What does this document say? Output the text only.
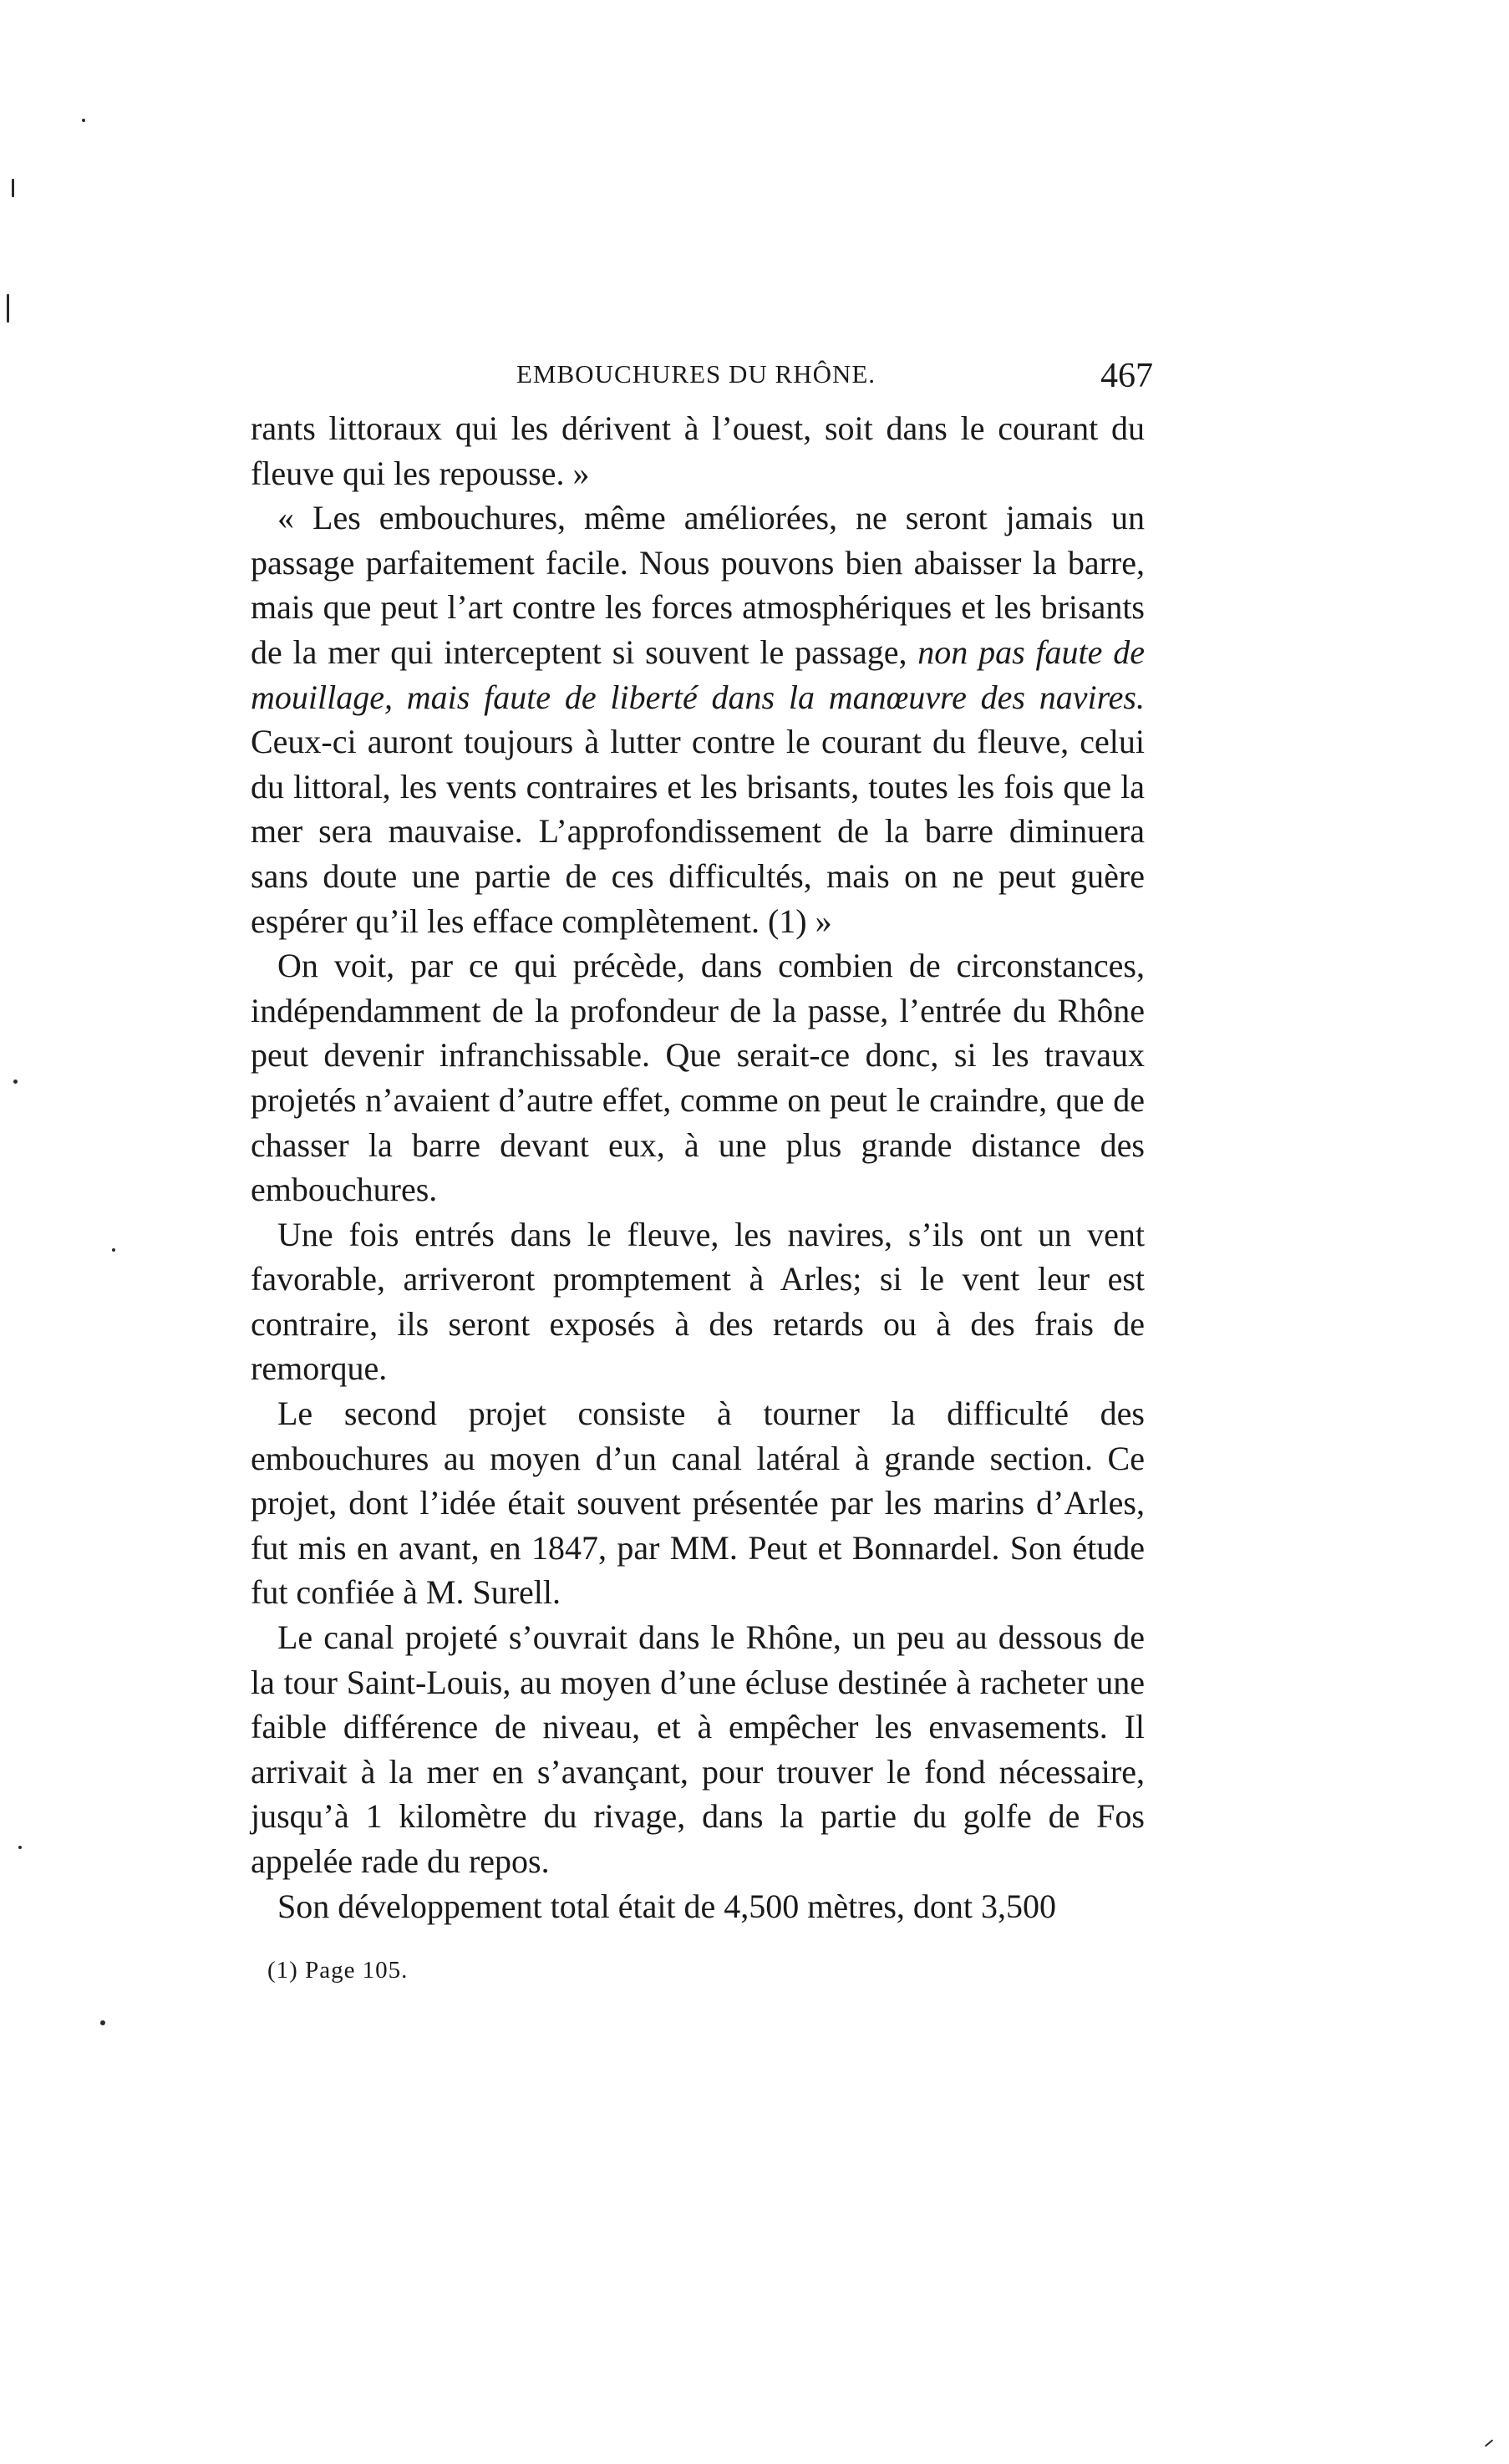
EMBOUCHURES DU RHÔNE.	467

rants littoraux qui les dérivent à l’ouest, soit dans le courant du fleuve qui les repousse. »

« Les embouchures, même améliorées, ne seront jamais un passage parfaitement facile. Nous pouvons bien abaisser la barre, mais que peut l’art contre les forces atmosphériques et les brisants de la mer qui interceptent si souvent le passage, non pas faute de mouillage, mais faute de liberté dans la manœuvre des navires. Ceux-ci auront toujours à lutter contre le courant du fleuve, celui du littoral, les vents contraires et les brisants, toutes les fois que la mer sera mauvaise. L’approfondissement de la barre diminuera sans doute une partie de ces difficultés, mais on ne peut guère espérer qu’il les efface complètement. (1) »

On voit, par ce qui précède, dans combien de circonstances, indépendamment de la profondeur de la passe, l’entrée du Rhône peut devenir infranchissable. Que serait-ce donc, si les travaux projetés n’avaient d’autre effet, comme on peut le craindre, que de chasser la barre devant eux, à une plus grande distance des embouchures.

Une fois entrés dans le fleuve, les navires, s’ils ont un vent favorable, arriveront promptement à Arles; si le vent leur est contraire, ils seront exposés à des retards ou à des frais de remorque.

Le second projet consiste à tourner la difficulté des embouchures au moyen d’un canal latéral à grande section. Ce projet, dont l’idée était souvent présentée par les marins d’Arles, fut mis en avant, en 1847, par MM. Peut et Bonnardel. Son étude fut confiée à M. Surell.

Le canal projeté s’ouvrait dans le Rhône, un peu au dessous de la tour Saint-Louis, au moyen d’une écluse destinée à racheter une faible différence de niveau, et à empêcher les envasements. Il arrivait à la mer en s’avançant, pour trouver le fond nécessaire, jusqu’à 1 kilomètre du rivage, dans la partie du golfe de Fos appelée rade du repos.

Son développement total était de 4,500 mètres, dont 3,500

(1) Page 105.
